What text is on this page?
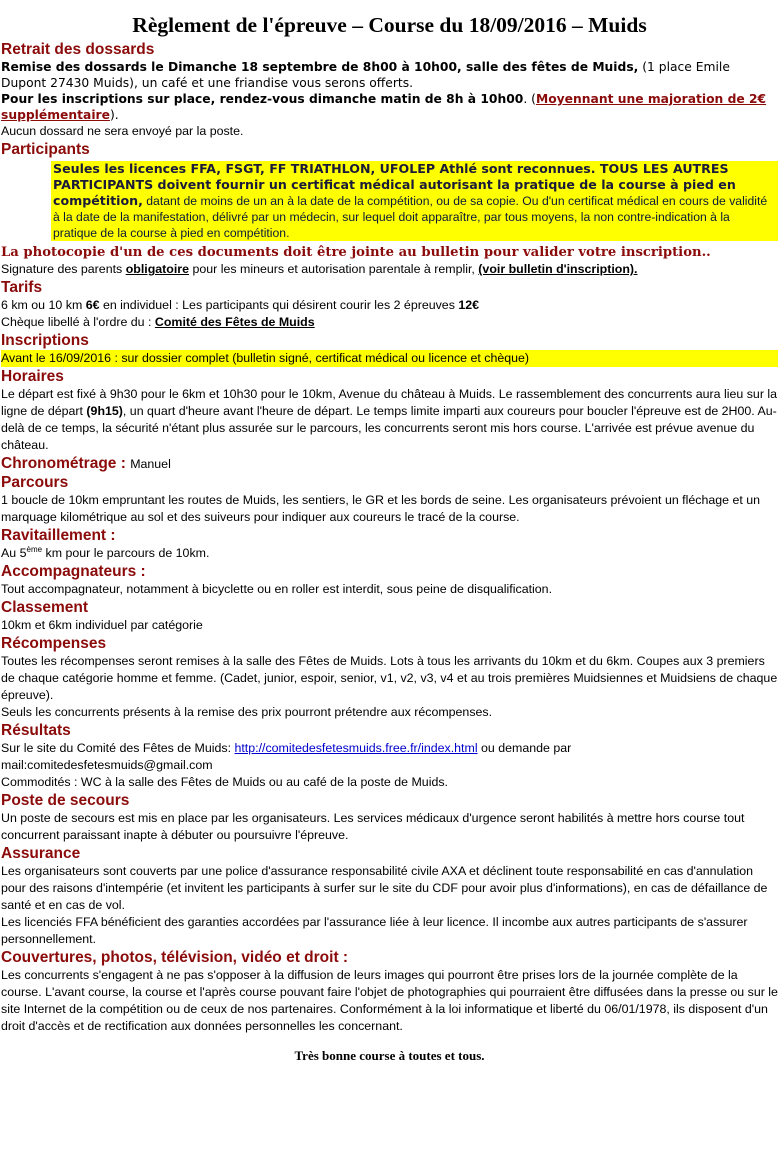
Règlement de l'épreuve – Course du 18/09/2016 – Muids
Retrait des dossards

Remise des dossards le Dimanche 18 septembre de 8h00 à 10h00, salle des fêtes de Muids, (1 place Emile Dupont 27430 Muids), un café et une friandise vous serons offerts.

Pour les inscriptions sur place, rendez-vous dimanche matin de 8h à 10h00. (Moyennant une majoration de 2€ supplémentaire).

Aucun dossard ne sera envoyé par la poste.

Participants
Seules les licences FFA, FSGT, FF TRIATHLON, UFOLEP Athlé sont reconnues. TOUS LES AUTRES PARTICIPANTS doivent fournir un certificat médical autorisant la pratique de la course à pied en compétition, datant de moins de un an à la date de la compétition, ou de sa copie. Ou d'un certificat médical en cours de validité à la date de la manifestation, délivré par un médecin, sur lequel doit apparaître, par tous moyens, la non contre-indication à la pratique de la course à pied en compétition.

La photocopie d'un de ces documents doit être jointe au bulletin pour valider votre inscription..

Signature des parents obligatoire pour les mineurs et autorisation parentale à remplir, (voir bulletin d'inscription).

Tarifs

6 km ou 10 km 6€ en individuel : Les participants qui désirent courir les 2 épreuves 12€

Chèque libellé à l'ordre du : Comité des Fêtes de Muids

Inscriptions

Avant le 16/09/2016 : sur dossier complet (bulletin signé, certificat médical ou licence et chèque)

Horaires

Le départ est fixé à 9h30 pour le 6km et 10h30 pour le 10km, Avenue du château à Muids. Le rassemblement des concurrents aura lieu sur la ligne de départ (9h15), un quart d'heure avant l'heure de départ. Le temps limite imparti aux coureurs pour boucler l'épreuve est de 2H00. Au-delà de ce temps, la sécurité n'étant plus assurée sur le parcours, les concurrents seront mis hors course. L'arrivée est prévue avenue du château.

Chronométrage : Manuel
Parcours

1 boucle de 10km empruntant les routes de Muids, les sentiers, le GR et les bords de seine. Les organisateurs prévoient un fléchage et un marquage kilométrique au sol et des suiveurs pour indiquer aux coureurs le tracé de la course.

Ravitaillement :

Au 5ème km pour le parcours de 10km.

Accompagnateurs :

Tout accompagnateur, notamment à bicyclette ou en roller est interdit, sous peine de disqualification.

Classement

10km et 6km individuel par catégorie

Récompenses

Toutes les récompenses seront remises à la salle des Fêtes de Muids. Lots à tous les arrivants du 10km et du 6km. Coupes aux 3 premiers de chaque catégorie homme et femme. (Cadet, junior, espoir, senior, v1, v2, v3, v4 et au trois premières Muidsiennes et Muidsiens de chaque épreuve).

Seuls les concurrents présents à la remise des prix pourront prétendre aux récompenses.

Résultats

Sur le site du Comité des Fêtes de Muids: http://comitedesfetesmuids.free.fr/index.html ou demande par

mail:comitedesfetesmuids@gmail.com

Commodités : WC à la salle des Fêtes de Muids ou au café de la poste de Muids.

Poste de secours

Un poste de secours est mis en place par les organisateurs. Les services médicaux d'urgence seront habilités à mettre hors course tout concurrent paraissant inapte à débuter ou poursuivre l'épreuve.

Assurance

Les organisateurs sont couverts par une police d'assurance responsabilité civile AXA et déclinent toute responsabilité en cas d'annulation pour des raisons d'intempérie (et invitent les participants à surfer sur le site du CDF pour avoir plus d'informations), en cas de défaillance de santé et en cas de vol.

Les licenciés FFA bénéficient des garanties accordées par l'assurance liée à leur licence. Il incombe aux autres participants de s'assurer personnellement.

Couvertures, photos, télévision, vidéo et droit :

Les concurrents s'engagent à ne pas s'opposer à la diffusion de leurs images qui pourront être prises lors de la journée complète de la course. L'avant course, la course et l'après course pouvant faire l'objet de photographies qui pourraient être diffusées dans la presse ou sur le site Internet de la compétition ou de ceux de nos partenaires. Conformément à la loi informatique et liberté du 06/01/1978, ils disposent d'un droit d'accès et de rectification aux données personnelles les concernant.

Très bonne course à toutes et tous.
